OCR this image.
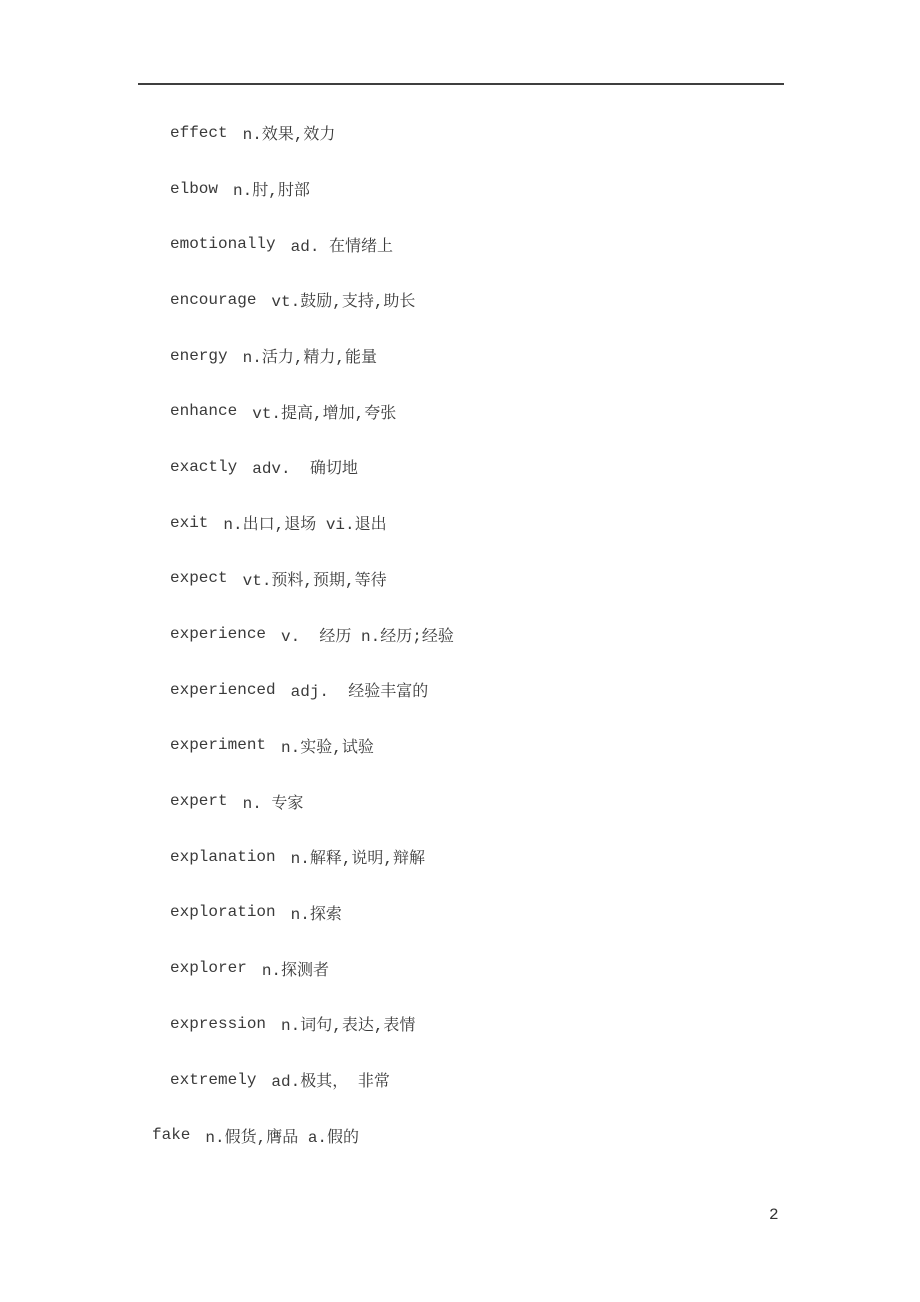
effect n.效果,效力
elbow n.肘,肘部
emotionally ad. 在情绪上
encourage vt.鼓励,支持,助长
energy n.活力,精力,能量
enhance vt.提高,增加,夸张
exactly adv.  确切地
exit n.出口,退场 vi.退出
expect vt.预料,预期,等待
experience v.  经历 n.经历;经验
experienced adj.  经验丰富的
experiment n.实验,试验
expert n. 专家
explanation n.解释,说明,辩解
exploration n.探索
explorer n.探测者
expression n.词句,表达,表情
extremely ad.极其， 非常
fake n.假货,膺品 a.假的
2
